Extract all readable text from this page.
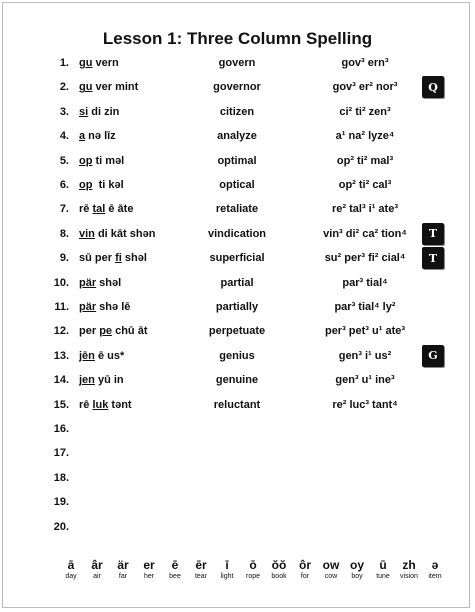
Lesson 1: Three Column Spelling
1. gu vern	govern	gov³ ern³
2. gu ver mint	governor	gov³ er² nor³
3. si di zin	citizen	ci² ti² zen³
4. a nə līz	analyze	a¹ na² lyze⁴
5. op ti məl	optimal	op² ti² mal³
6. op  ti kəl	optical	op² ti² cal³
7. rē tal ē āte	retaliate	re² tal³ i¹ ate³
8. vin di kāt shən	vindication	vin³ di² ca² tion⁴
9. sū per fi shəl	superficial	su² per³ fi² cial⁴
10. pär shəl	partial	par³ tial⁴
11. pär shə lē	partially	par³ tial⁴ ly²
12. per pe chū āt	perpetuate	per³ pet³ u¹ ate³
13. jēn ē us*	genius	gen³ i¹ us²
14. jen yū in	genuine	gen³ u¹ ine³
15. rē luk tənt	reluctant	re² luc³ tant⁴
16.
17.
18.
19.
20.
Q
T
T
G
ā
day
âr
air
är
far
er
her
ē
bee
ēr
tear
ī
light
ō
rope
ŏŏ
book
ôr
for
ow
cow
oy
boy
ū
tune
zh
vision
ə
item
